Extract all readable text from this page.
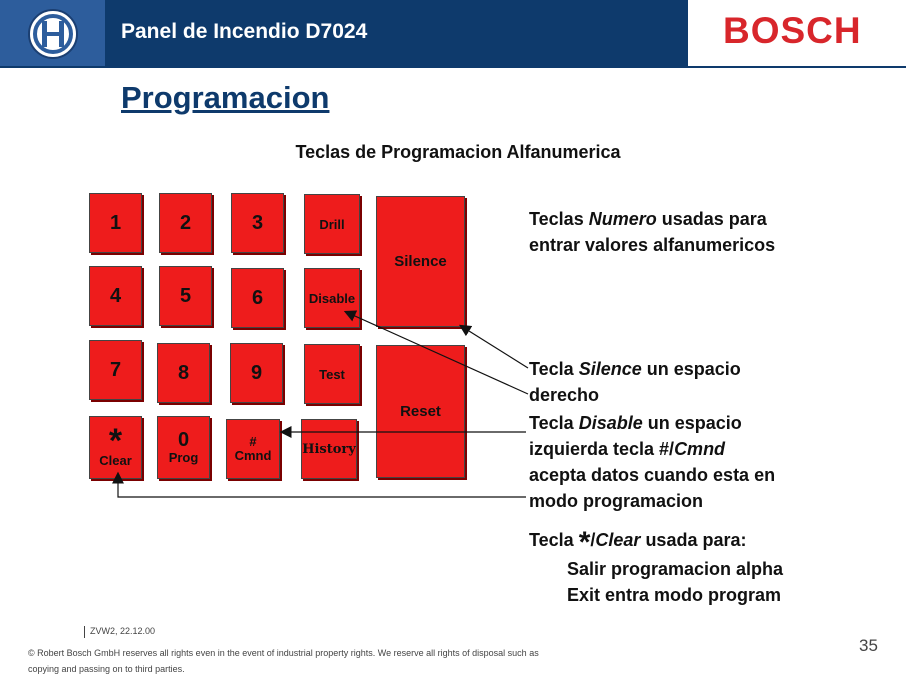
Panel de Incendio D7024	BOSCH
Programacion
Teclas de Programacion Alfanumerica
1	2	3
4	5	6
7	8	9
*
Clear
0
Prog
#
Cmnd
Drill
Disable
Test
History
Silence
Reset
Teclas Numero usadas para
entrar valores alfanumericos
Tecla Silence un espacio
derecho
Tecla Disable un espacio
izquierda tecla #/Cmnd
acepta datos cuando esta en
modo programacion
Tecla */Clear usada para:

Salir programacion alpha
Exit entra modo program
ZVW2, 22.12.00
© Robert Bosch GmbH reserves all rights even in the event of industrial property rights. We reserve all rights of disposal such as
copying and passing on to third parties.
35
